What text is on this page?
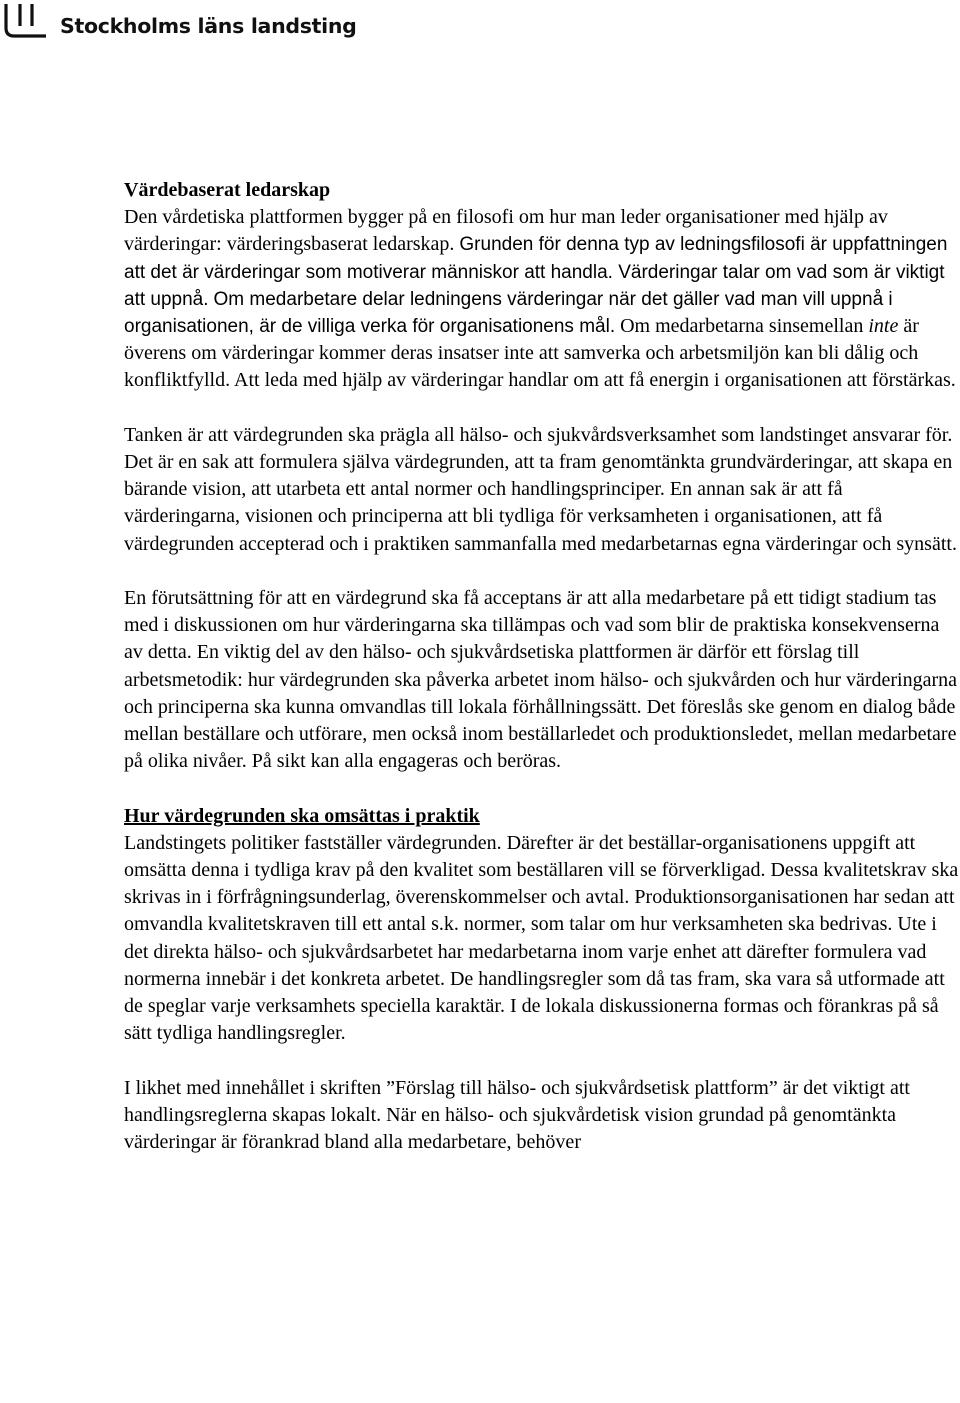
Stockholms läns landsting
Värdebaserat ledarskap
Den vårdetiska plattformen bygger på en filosofi om hur man leder organisationer med hjälp av värderingar: värderingsbaserat ledarskap. Grunden för denna typ av ledningsfilosofi är uppfattningen att det är värderingar som motiverar människor att handla. Värderingar talar om vad som är viktigt att uppnå. Om medarbetare delar ledningens värderingar när det gäller vad man vill uppnå i organisationen, är de villiga verka för organisationens mål. Om medarbetarna sinsemellan inte är överens om värderingar kommer deras insatser inte att samverka och arbetsmiljön kan bli dålig och konfliktfylld. Att leda med hjälp av värderingar handlar om att få energin i organisationen att förstärkas.

Tanken är att värdegrunden ska prägla all hälso- och sjukvårdsverksamhet som landstinget ansvarar för. Det är en sak att formulera själva värdegrunden, att ta fram genomtänkta grundvärderingar, att skapa en bärande vision, att utarbeta ett antal normer och handlingsprinciper. En annan sak är att få värderingarna, visionen och principerna att bli tydliga för verksamheten i organisationen, att få värdegrunden accepterad och i praktiken sammanfalla med medarbetarnas egna värderingar och synsätt.

En förutsättning för att en värdegrund ska få acceptans är att alla medarbetare på ett tidigt stadium tas med i diskussionen om hur värderingarna ska tillämpas och vad som blir de praktiska konsekvenserna av detta. En viktig del av den hälso- och sjukvårdsetiska plattformen är därför ett förslag till arbetsmetodik: hur värdegrunden ska påverka arbetet inom hälso- och sjukvården och hur värderingarna och principerna ska kunna omvandlas till lokala förhållningssätt. Det föreslås ske genom en dialog både mellan beställare och utförare, men också inom beställarledet och produktionsledet, mellan medarbetare på olika nivåer. På sikt kan alla engageras och beröras.

Hur värdegrunden ska omsättas i praktik
Landstingets politiker fastställer värdegrunden. Därefter är det beställar-organisationens uppgift att omsätta denna i tydliga krav på den kvalitet som beställaren vill se förverkligad. Dessa kvalitetskrav ska skrivas in i förfrågningsunderlag, överenskommelser och avtal. Produktionsorganisationen har sedan att omvandla kvalitetskraven till ett antal s.k. normer, som talar om hur verksamheten ska bedrivas. Ute i det direkta hälso- och sjukvårdsarbetet har medarbetarna inom varje enhet att därefter formulera vad normerna innebär i det konkreta arbetet. De handlingsregler som då tas fram, ska vara så utformade att de speglar varje verksamhets speciella karaktär. I de lokala diskussionerna formas och förankras på så sätt tydliga handlingsregler.

I likhet med innehållet i skriften ”Förslag till hälso- och sjukvårdsetisk plattform” är det viktigt att handlingsreglerna skapas lokalt. När en hälso- och sjukvårdetisk vision grundad på genomtänkta värderingar är förankrad bland alla medarbetare, behöver
